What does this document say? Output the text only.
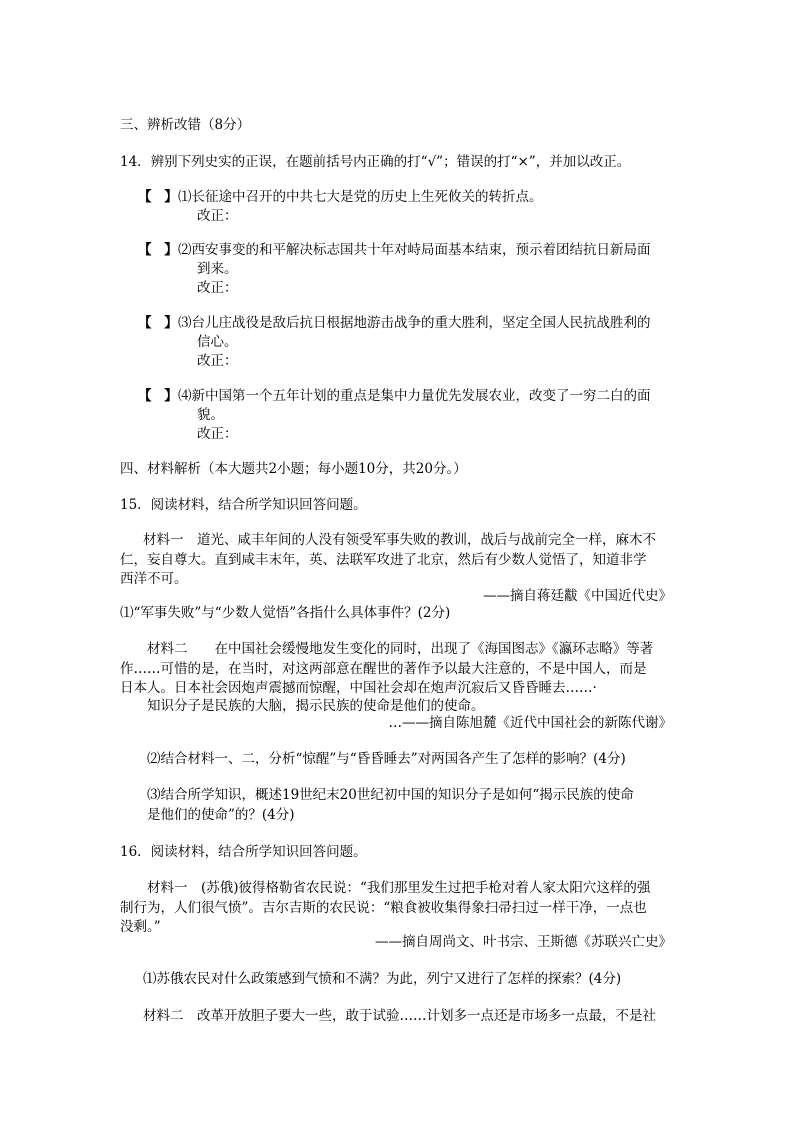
三、辨析改错（8分）
14．辨别下列史实的正误，在题前括号内正确的打“√”；错误的打“×”，并加以改正。
【 】
⑴长征途中召开的中共七大是党的历史上生死攸关的转折点。
改正：
【 】
⑵西安事变的和平解决标志国共十年对峙局面基本结束，预示着团结抗日新局面
到来。
改正：
【 】
⑶台儿庄战役是敌后抗日根据地游击战争的重大胜利，坚定全国人民抗战胜利的
信心。
改正：
【 】
⑷新中国第一个五年计划的重点是集中力量优先发展农业，改变了一穷二白的面
貌。
改正：
四、材料解析（本大题共2小题；每小题10分，共20分。）
15．阅读材料，结合所学知识回答问题。
材料一　道光、咸丰年间的人没有领受军事失败的教训，战后与战前完全一样，麻木不
仁，妄自尊大。直到咸丰末年，英、法联军攻进了北京，然后有少数人觉悟了，知道非学
西洋不可。
——摘自蒋廷黻《中国近代史》
⑴“军事失败”与“少数人觉悟”各指什么具体事件？(2分)
材料二　　在中国社会缓慢地发生变化的同时，出现了《海国图志》《瀛环志略》等著
作……可惜的是，在当时，对这两部意在醒世的著作予以最大注意的，不是中国人，而是
日本人。日本社会因炮声震撼而惊醒，中国社会却在炮声沉寂后又昏昏睡去……·
知识分子是民族的大脑，揭示民族的使命是他们的使命。
…——摘自陈旭麓《近代中国社会的新陈代谢》
⑵结合材料一、二，分析“惊醒”与“昏昏睡去”对两国各产生了怎样的影响？(4分)
⑶结合所学知识，概述19世纪末20世纪初中国的知识分子是如何“揭示民族的使命
是他们的使命”的？(4分)
16．阅读材料，结合所学知识回答问题。
材料一　(苏俄)彼得格勒省农民说：“我们那里发生过把手枪对着人家太阳穴这样的强
制行为，人们很气愤”。吉尔吉斯的农民说：“粮食被收集得象扫帚扫过一样干净，一点也
没剩。”
——摘自周尚文、叶书宗、王斯德《苏联兴亡史》
⑴苏俄农民对什么政策感到气愤和不满？为此，列宁又进行了怎样的探索？(4分)
材料二　改革开放胆子要大一些，敢于试验……计划多一点还是市场多一点最，不是社
